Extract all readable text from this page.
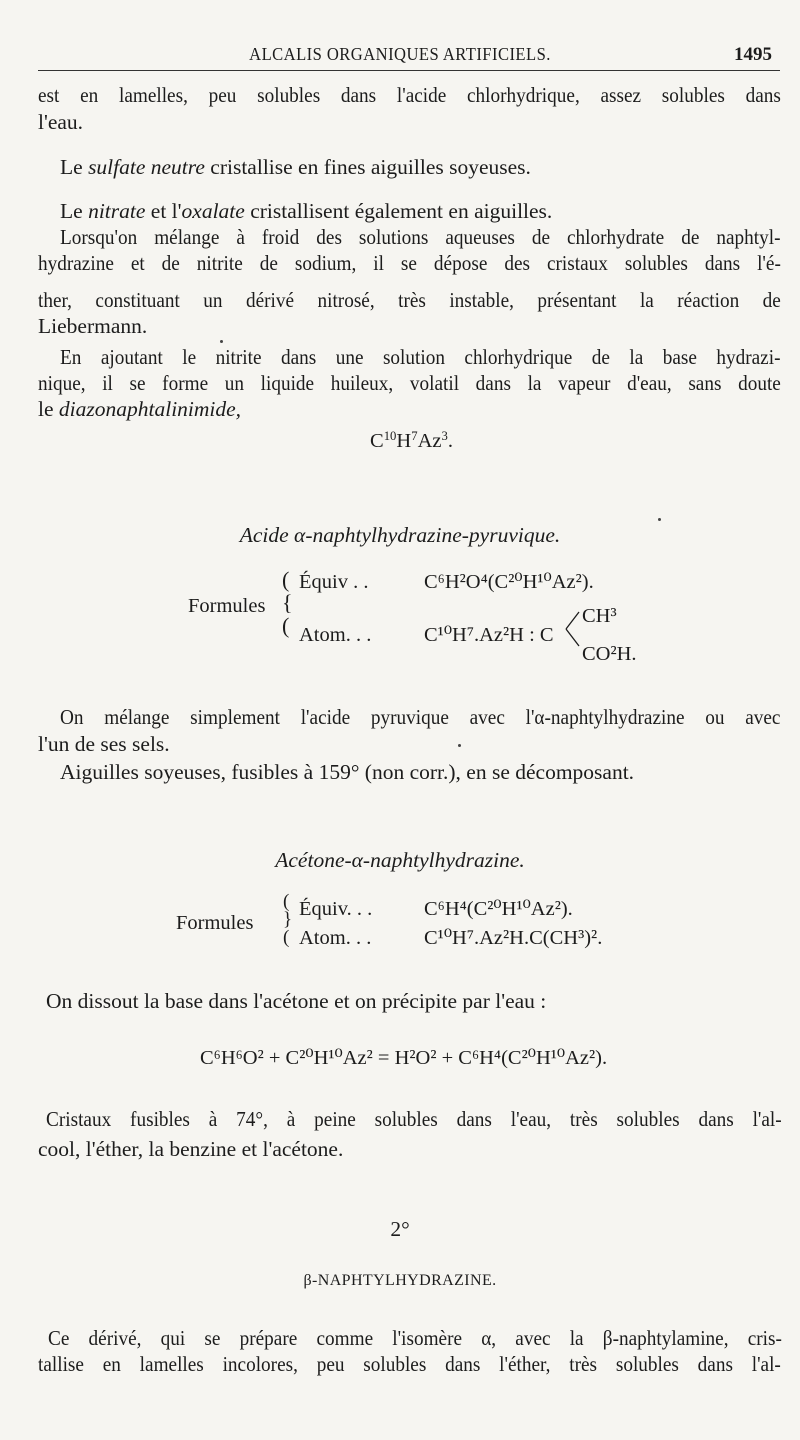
ALCALIS ORGANIQUES ARTIFICIELS.	1495
est en lamelles, peu solubles dans l'acide chlorhydrique, assez solubles dans
l'eau.
Le sulfate neutre cristallise en fines aiguilles soyeuses.
Le nitrate et l'oxalate cristallisent également en aiguilles.
Lorsqu'on mélange à froid des solutions aqueuses de chlorhydrate de naphtyl-
hydrazine et de nitrite de sodium, il se dépose des cristaux solubles dans l'é-
ther, constituant un dérivé nitrosé, très instable, présentant la réaction de
Liebermann.
En ajoutant le nitrite dans une solution chlorhydrique de la base hydrazi-
nique, il se forme un liquide huileux, volatil dans la vapeur d'eau, sans doute
le diazonaphtalinimide,
$C^{10}H^7Az^3$.
Acide α-naphtylhydrazine-pyruvique.
Formules
(
{
(
Équiv . .	C⁶H²O⁴(C²⁰H¹⁰Az²).
Atom. . .	C¹⁰H⁷.Az²H : C
CH³
CO²H.
On mélange simplement l'acide pyruvique avec l'α-naphtylhydrazine ou avec
l'un de ses sels.
Aiguilles soyeuses, fusibles à 159° (non corr.), en se décomposant.
Acétone-α-naphtylhydrazine.
Formules
(
}
(
Équiv. . .	C⁶H⁴(C²⁰H¹⁰Az²).
Atom. . .	C¹⁰H⁷.Az²H.C(CH³)².
On dissout la base dans l'acétone et on précipite par l'eau :
C⁶H⁶O² + C²⁰H¹⁰Az² = H²O² + C⁶H⁴(C²⁰H¹⁰Az²).
Cristaux fusibles à 74°, à peine solubles dans l'eau, très solubles dans l'al-
cool, l'éther, la benzine et l'acétone.
2°
β-NAPHTYLHYDRAZINE.
Ce dérivé, qui se prépare comme l'isomère α, avec la β-naphtylamine, cris-
tallise en lamelles incolores, peu solubles dans l'éther, très solubles dans l'al-
